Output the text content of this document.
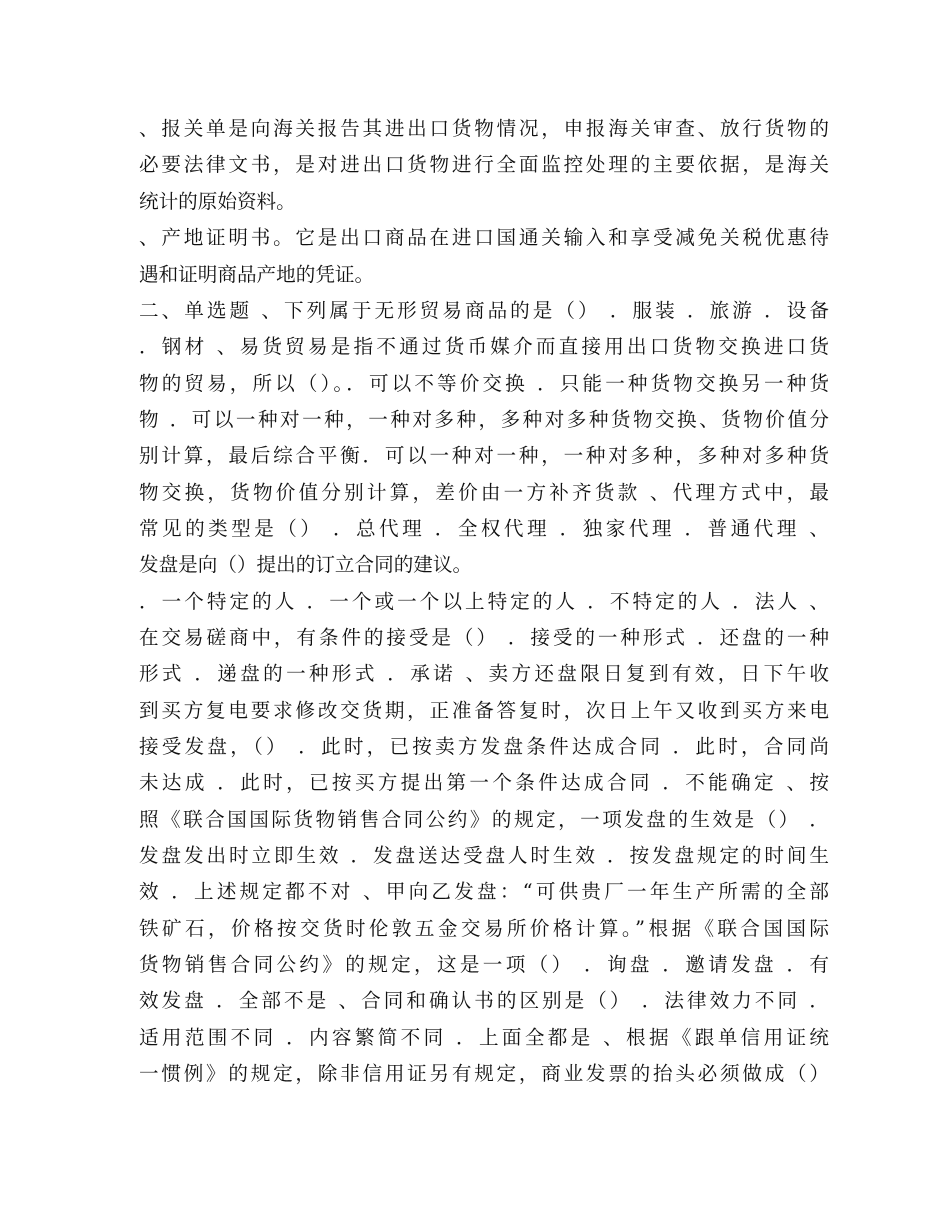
、报关单是向海关报告其进出口货物情况，申报海关审查、放行货物的
必要法律文书，是对进出口货物进行全面监控处理的主要依据，是海关
统计的原始资料。
、产地证明书。它是出口商品在进口国通关输入和享受减免关税优惠待
遇和证明商品产地的凭证。
二、单选题 、下列属于无形贸易商品的是（） ．服装 ．旅游 ．设备
．钢材 、易货贸易是指不通过货币媒介而直接用出口货物交换进口货
物的贸易，所以（）。．可以不等价交换 ．只能一种货物交换另一种货
物 ．可以一种对一种，一种对多种，多种对多种货物交换、货物价值分
别计算，最后综合平衡．可以一种对一种，一种对多种，多种对多种货
物交换，货物价值分别计算，差价由一方补齐货款 、代理方式中，最
常见的类型是（） ．总代理 ．全权代理 ．独家代理 ．普通代理 、
发盘是向（）提出的订立合同的建议。
．一个特定的人 ．一个或一个以上特定的人 ．不特定的人 ．法人 、
在交易磋商中，有条件的接受是（） ．接受的一种形式 ．还盘的一种
形式 ．递盘的一种形式 ．承诺 、卖方还盘限日复到有效，日下午收
到买方复电要求修改交货期，正准备答复时，次日上午又收到买方来电
接受发盘，（） ．此时，已按卖方发盘条件达成合同 ．此时，合同尚
未达成 ．此时，已按买方提出第一个条件达成合同 ．不能确定 、按
照《联合国国际货物销售合同公约》的规定，一项发盘的生效是（） ．
发盘发出时立即生效 ．发盘送达受盘人时生效 ．按发盘规定的时间生
效 ．上述规定都不对 、甲向乙发盘：“可供贵厂一年生产所需的全部
铁矿石，价格按交货时伦敦五金交易所价格计算。”根据《联合国国际
货物销售合同公约》的规定，这是一项（） ．询盘 ．邀请发盘 ．有
效发盘 ．全部不是 、合同和确认书的区别是（） ．法律效力不同 ．
适用范围不同 ．内容繁简不同 ．上面全都是 、根据《跟单信用证统
一惯例》的规定，除非信用证另有规定，商业发票的抬头必须做成（）
